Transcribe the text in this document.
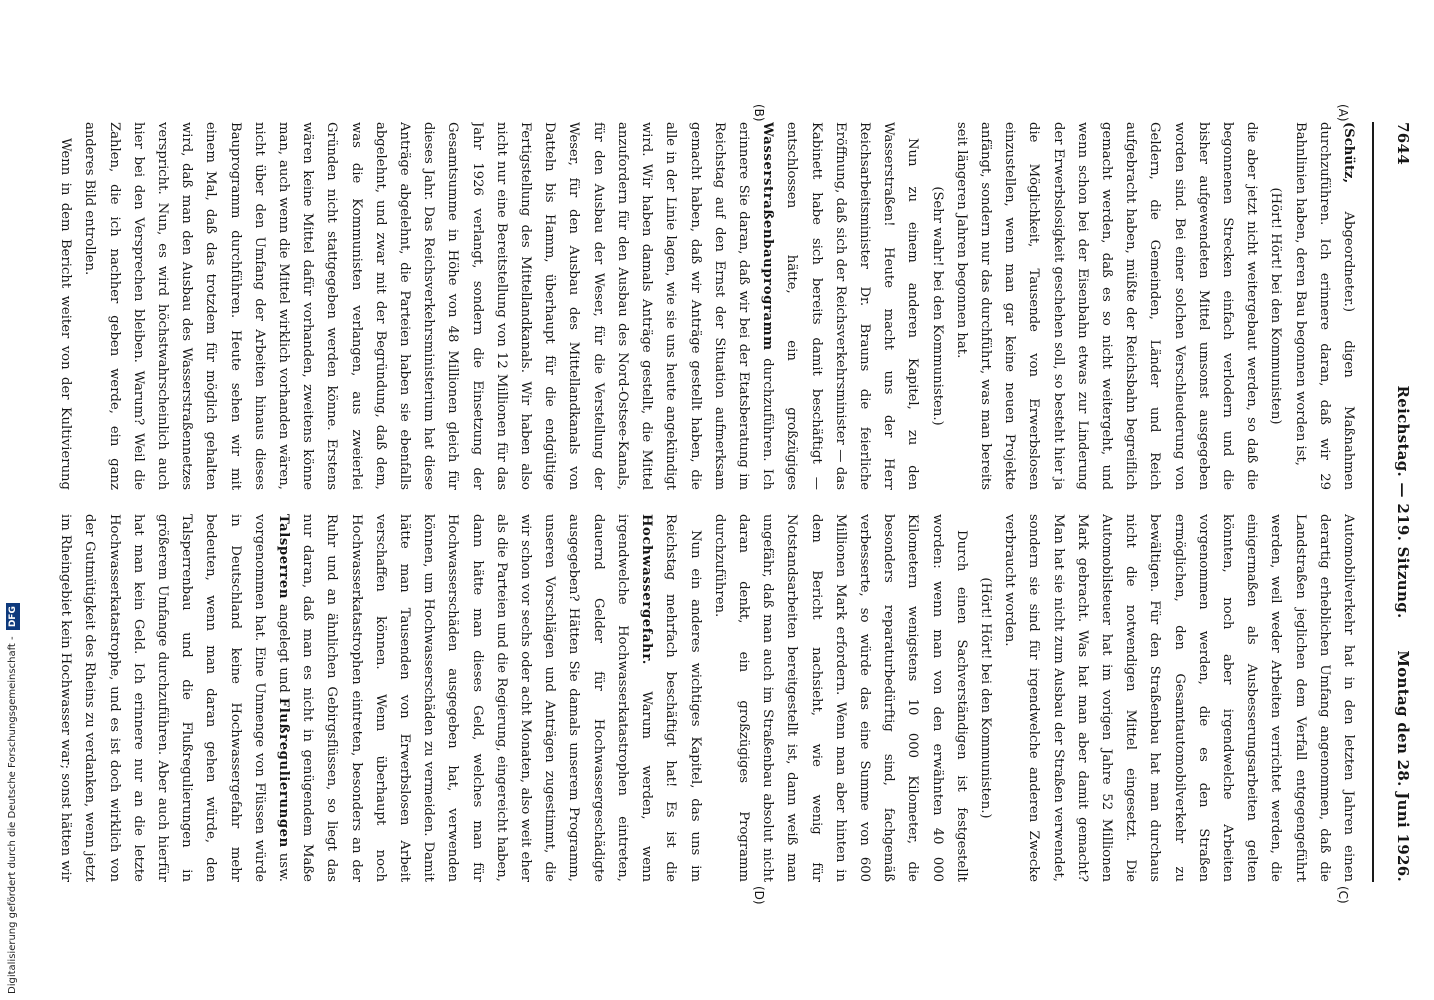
7644
Reichstag. — 219. Sitzung.
Montag den 28. Juni 1926.
(A)
(B)
(C)
(D)

(Schütz, Abgeordneter.) digen Maßnahmen durchzuführen. Ich erinnere daran, daß wir 29 Bahnlinien haben, deren Bau begonnen worden ist,

(Hört! Hört! bei den Kommunisten)

die aber jetzt nicht weitergebaut werden, so daß die begonnenen Strecken einfach verlodern und die bisher aufgewendeten Mittel umsonst ausgegeben worden sind. Bei einer solchen Verschleuderung von Geldern, die Gemeinden, Länder und Reich aufgebracht haben, müßte der Reichsbahn begreiflich gemacht werden, daß es so nicht weitergeht, und wenn schon bei der Eisenbahn etwas zur Linderung der Erwerbslosigkeit geschehen soll, so besteht hier ja die Möglichkeit, Tausende von Erwerbslosen einzustellen, wenn man gar keine neuen Projekte anfängt, sondern nur das durchführt, was man bereits seit längeren Jahren begonnen hat.

(Sehr wahr! bei den Kommunisten.)

Nun zu einem anderen Kapitel, zu den Wasserstraßen! Heute macht uns der Herr Reichsarbeitsminister Dr. Brauns die feierliche Eröffnung, daß sich der Reichsverkehrsminister — das Kabinett habe sich bereits damit beschäftigt — entschlossen hätte, ein großzügiges Wasserstraßenbauprogramm durchzuführen. Ich erinnere Sie daran, daß wir bei der Etatsberatung im Reichstag auf den Ernst der Situation aufmerksam gemacht haben, daß wir Anträge gestellt haben, die alle in der Linie lagen, wie sie uns heute angekündigt wird. Wir haben damals Anträge gestellt, die Mittel anzufordern für den Ausbau des Nord-Ostsee-Kanals, für den Ausbau der Weser, für die Verstellung der Weser, für den Ausbau des Mittellandkanals von Datteln bis Hamm, überhaupt für die endgültige Fertigstellung des Mittellandkanals. Wir haben also nicht nur eine Bereitstellung von 12 Millionen für das Jahr 1926 verlangt, sondern die Einsetzung der Gesamtsumme in Höhe von 48 Millionen gleich für dieses Jahr. Das Reichsverkehrsministerium hat diese Anträge abgelehnt, die Parteien haben sie ebenfalls abgelehnt, und zwar mit der Begründung, daß dem, was die Kommunisten verlangen, aus zweierlei Gründen nicht stattgegeben werden könne. Erstens wären keine Mittel dafür vorhanden, zweitens könne man, auch wenn die Mittel wirklich vorhanden wären, nicht über den Umfang der Arbeiten hinaus dieses Bauprogramm durchführen. Heute sehen wir mit einem Mal, daß das trotzdem für möglich gehalten wird, daß man den Ausbau des Wasserstraßennetzes verspricht. Nun, es wird höchstwahrscheinlich auch hier bei den Versprechen bleiben. Warum? Weil die Zahlen, die ich nachher geben werde, ein ganz anderes Bild entrollen.

Wenn in dem Bericht weiter von der Kultivierung

Automobilverkehr hat in den letzten Jahren einen derartig erheblichen Umfang angenommen, daß die Landstraßen jeglichen dem Verfall entgegengeführt werden, weil weder Arbeiten verrichtet werden, die einigermaßen als Ausbesserungsarbeiten gelten könnten, noch aber irgendwelche Arbeiten vorgenommen werden, die es den Straßen ermöglichen, den Gesamtautomobilverkehr zu bewältigen. Für den Straßenbau hat man durchaus nicht die notwendigen Mittel eingesetzt. Die Automobilsteuer hat im vorigen Jahre 52 Millionen Mark gebracht. Was hat man aber damit gemacht? Man hat sie nicht zum Ausbau der Straßen verwendet, sondern sie sind für irgendwelche anderen Zwecke verbraucht worden.

(Hört! Hört! bei den Kommunisten.)

Durch einen Sachverständigen ist festgestellt worden: wenn man von den erwähnten 40 000 Kilometern wenigstens 10 000 Kilometer, die besonders reparaturbedürftig sind, fachgemäß verbesserte, so würde das eine Summe von 600 Millionen Mark erfordern. Wenn man aber hinten in dem Bericht nachsieht, wie wenig für Notstandsarbeiten bereitgestellt ist, dann weiß man ungefähr, daß man auch im Straßenbau absolut nicht daran denkt, ein großzügiges Programm durchzuführen.

Nun ein anderes wichtiges Kapitel, das uns im Reichstag mehrfach beschäftigt hat! Es ist die Hochwassergefahr. Warum werden, wenn irgendwelche Hochwasserkatastrophen eintreten, dauernd Gelder für Hochwassergeschädigte ausgegeben? Hätten Sie damals unserem Programm, unseren Vorschlägen und Anträgen zugestimmt, die wir schon vor sechs oder acht Monaten, also weit eher als die Parteien und die Regierung, eingereicht haben, dann hätte man dieses Geld, welches man für Hochwasserschäden ausgegeben hat, verwenden können, um Hochwasserschäden zu vermeiden. Damit hätte man Tausenden von Erwerbslosen Arbeit verschaffen können. Wenn überhaupt noch Hochwasserkatastrophen eintreten, besonders an der Ruhr und an ähnlichen Gebirgsflüssen, so liegt das nur daran, daß man es nicht in genügendem Maße Talsperren angelegt und Flußregulierungen usw. vorgenommen hat. Eine Unmenge von Flüssen würde in Deutschland keine Hochwassergefahr mehr bedeuten, wenn man daran gehen würde, den Talsperrenbau und die Flußregulierungen in größerem Umfange durchzuführen. Aber auch hierfür hat man kein Geld. Ich erinnere nur an die letzte Hochwasserkatastrophe, und es ist doch wirklich von der Gutmütigkeit des Rheins zu verdanken, wenn jetzt im Rheingebiet kein Hochwasser war; sonst hätten wir

Digitalisierung gefördert durch die Deutsche Forschungsgemeinschaft - DFG
